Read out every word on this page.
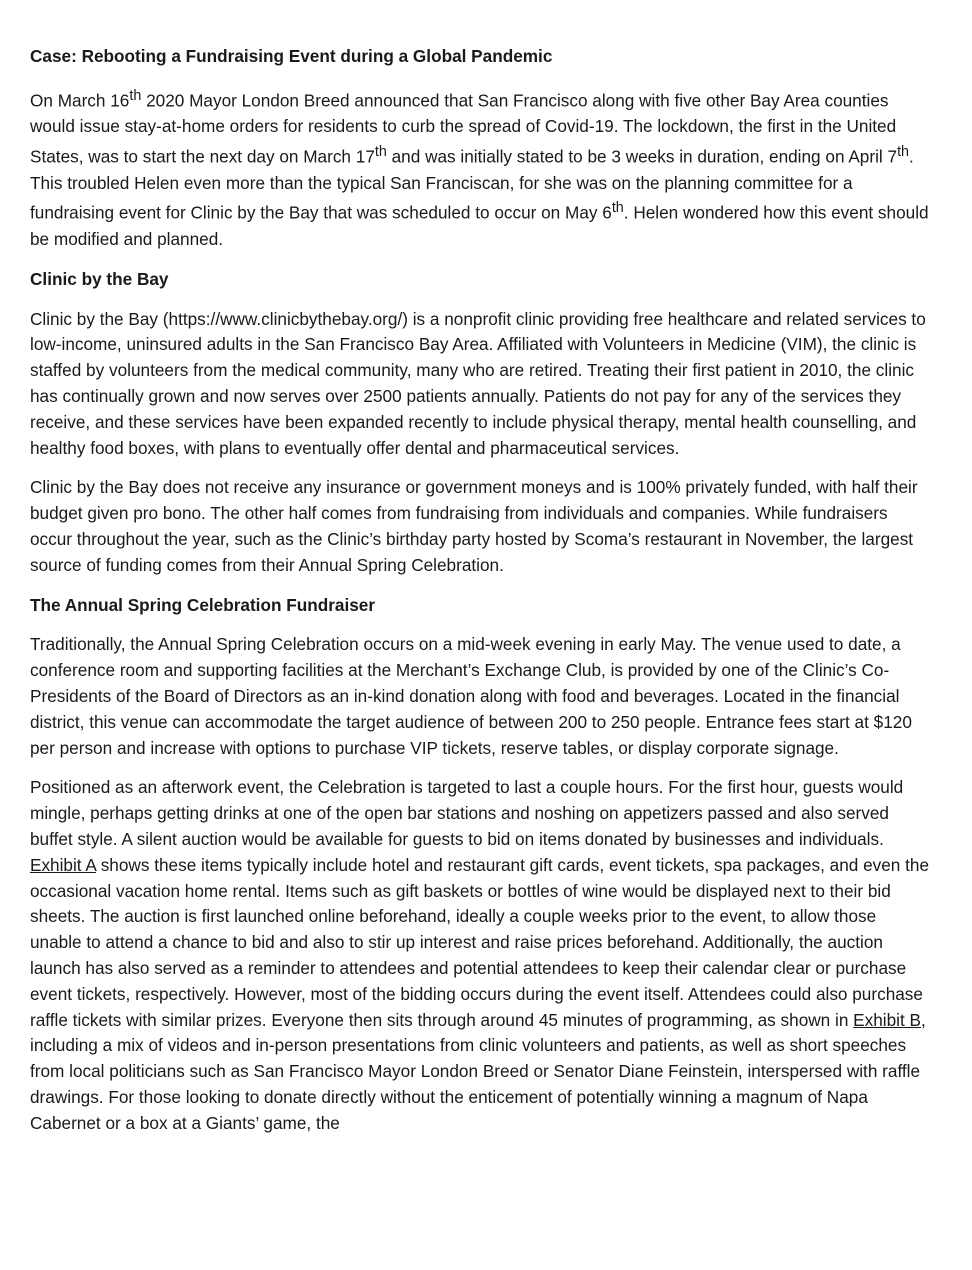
Case: Rebooting a Fundraising Event during a Global Pandemic

On March 16th 2020 Mayor London Breed announced that San Francisco along with five other Bay Area counties would issue stay-at-home orders for residents to curb the spread of Covid-19. The lockdown, the first in the United States, was to start the next day on March 17th and was initially stated to be 3 weeks in duration, ending on April 7th. This troubled Helen even more than the typical San Franciscan, for she was on the planning committee for a fundraising event for Clinic by the Bay that was scheduled to occur on May 6th. Helen wondered how this event should be modified and planned.

Clinic by the Bay

Clinic by the Bay (https://www.clinicbythebay.org/) is a nonprofit clinic providing free healthcare and related services to low-income, uninsured adults in the San Francisco Bay Area. Affiliated with Volunteers in Medicine (VIM), the clinic is staffed by volunteers from the medical community, many who are retired. Treating their first patient in 2010, the clinic has continually grown and now serves over 2500 patients annually. Patients do not pay for any of the services they receive, and these services have been expanded recently to include physical therapy, mental health counselling, and healthy food boxes, with plans to eventually offer dental and pharmaceutical services.

Clinic by the Bay does not receive any insurance or government moneys and is 100% privately funded, with half their budget given pro bono. The other half comes from fundraising from individuals and companies. While fundraisers occur throughout the year, such as the Clinic’s birthday party hosted by Scoma’s restaurant in November, the largest source of funding comes from their Annual Spring Celebration.

The Annual Spring Celebration Fundraiser

Traditionally, the Annual Spring Celebration occurs on a mid-week evening in early May. The venue used to date, a conference room and supporting facilities at the Merchant’s Exchange Club, is provided by one of the Clinic’s Co-Presidents of the Board of Directors as an in-kind donation along with food and beverages. Located in the financial district, this venue can accommodate the target audience of between 200 to 250 people. Entrance fees start at $120 per person and increase with options to purchase VIP tickets, reserve tables, or display corporate signage.

Positioned as an afterwork event, the Celebration is targeted to last a couple hours. For the first hour, guests would mingle, perhaps getting drinks at one of the open bar stations and noshing on appetizers passed and also served buffet style. A silent auction would be available for guests to bid on items donated by businesses and individuals. Exhibit A shows these items typically include hotel and restaurant gift cards, event tickets, spa packages, and even the occasional vacation home rental. Items such as gift baskets or bottles of wine would be displayed next to their bid sheets. The auction is first launched online beforehand, ideally a couple weeks prior to the event, to allow those unable to attend a chance to bid and also to stir up interest and raise prices beforehand. Additionally, the auction launch has also served as a reminder to attendees and potential attendees to keep their calendar clear or purchase event tickets, respectively. However, most of the bidding occurs during the event itself. Attendees could also purchase raffle tickets with similar prizes. Everyone then sits through around 45 minutes of programming, as shown in Exhibit B, including a mix of videos and in-person presentations from clinic volunteers and patients, as well as short speeches from local politicians such as San Francisco Mayor London Breed or Senator Diane Feinstein, interspersed with raffle drawings. For those looking to donate directly without the enticement of potentially winning a magnum of Napa Cabernet or a box at a Giants’ game, the
